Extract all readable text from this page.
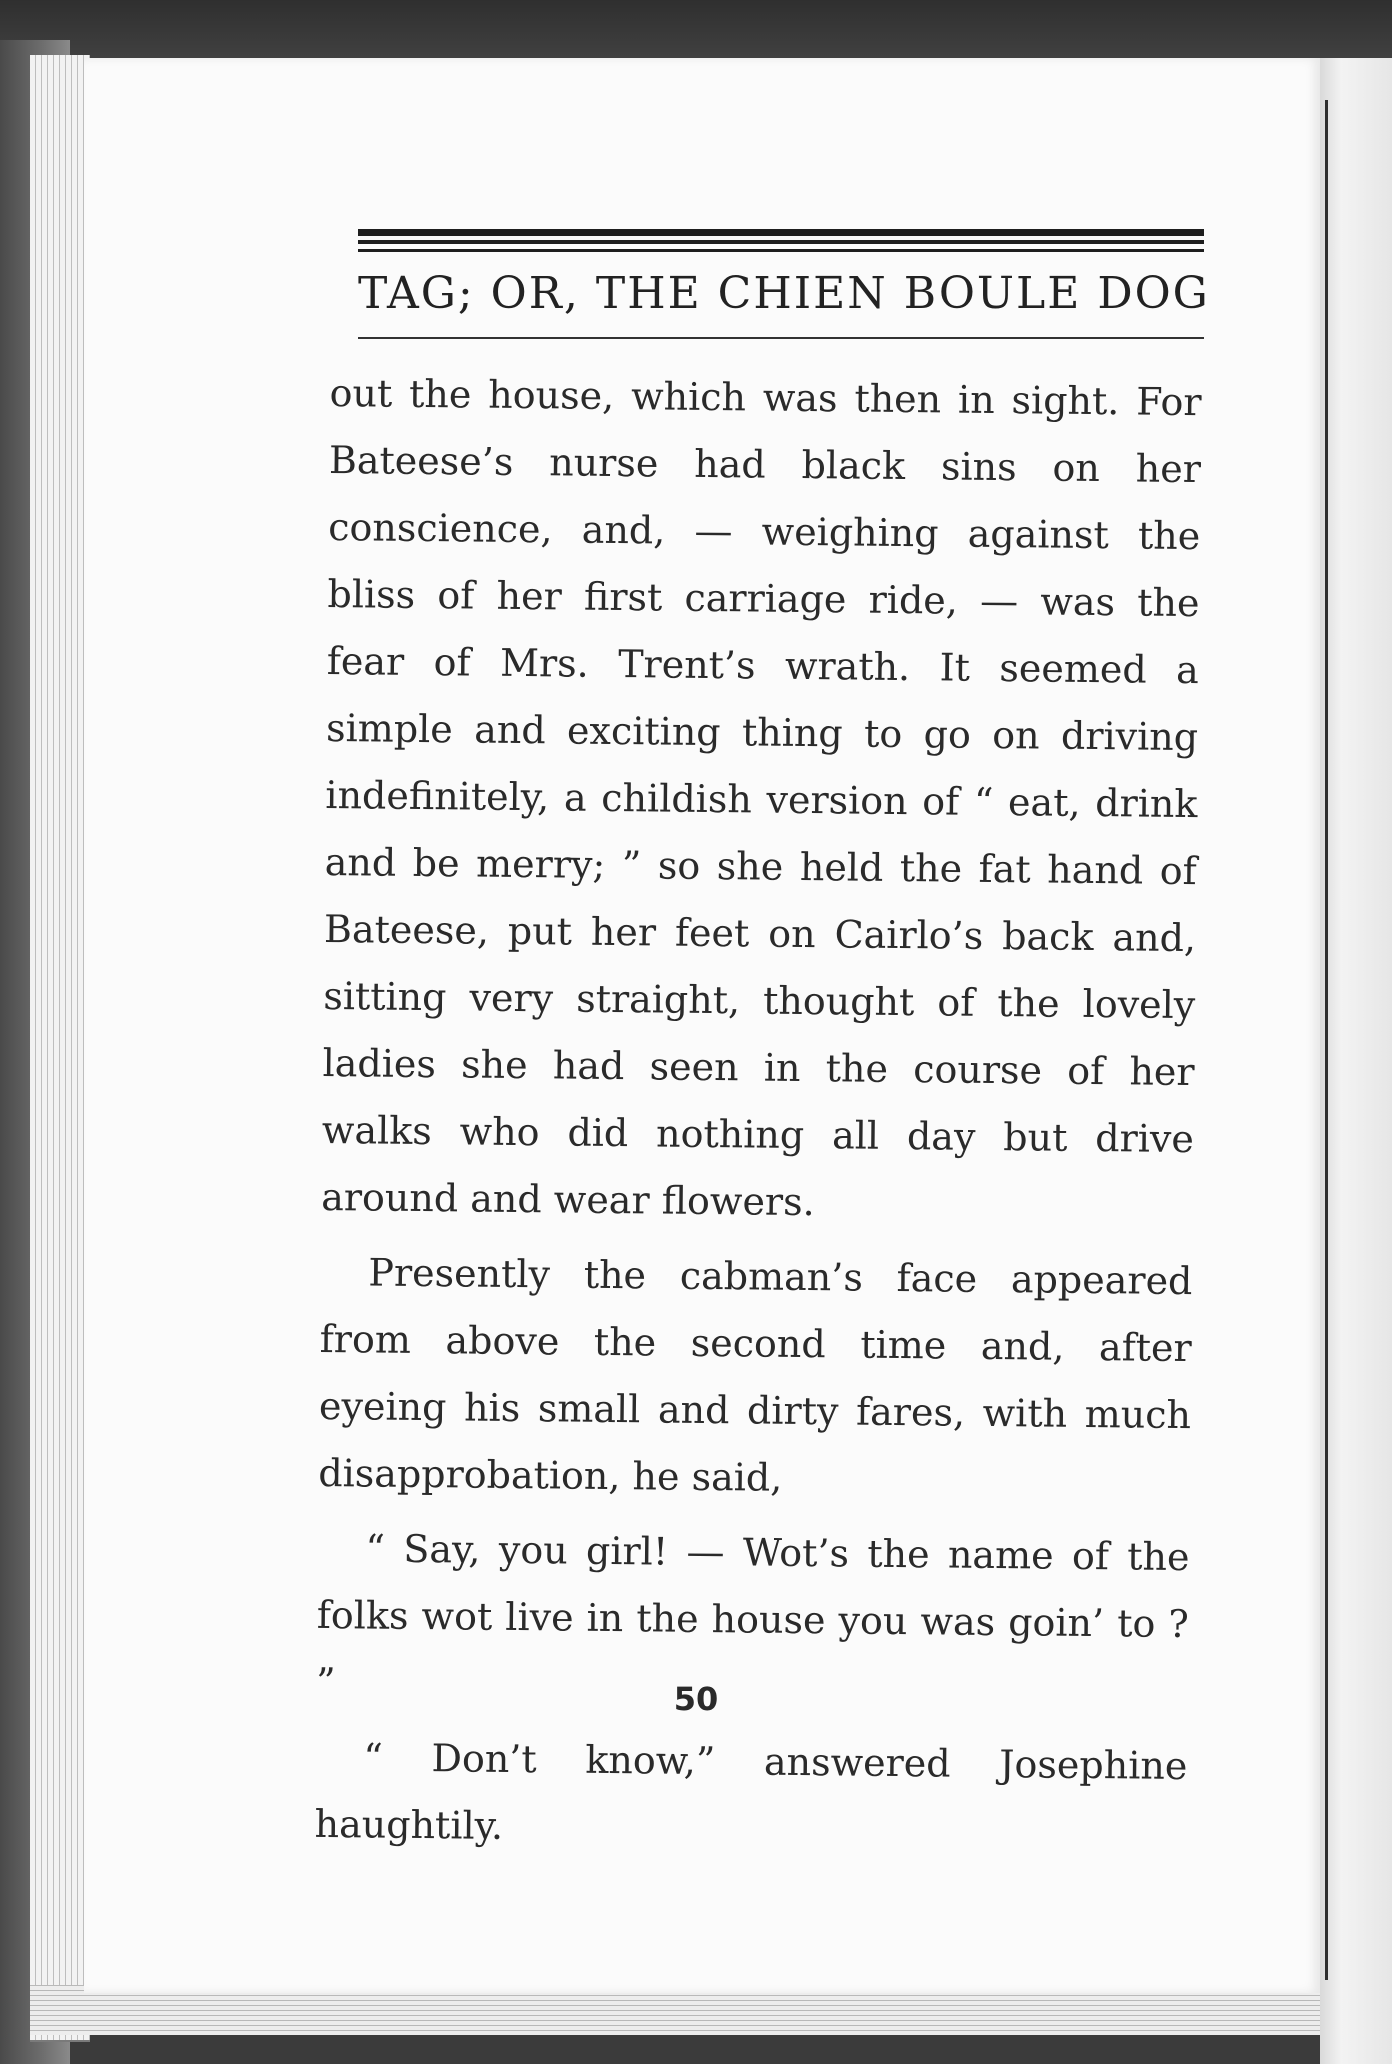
TAG; OR, THE CHIEN BOULE DOG

out the house, which was then in sight. For Bateese’s nurse had black sins on her conscience, and, — weighing against the bliss of her first carriage ride, — was the fear of Mrs. Trent’s wrath. It seemed a simple and exciting thing to go on driving indefinitely, a childish version of “ eat, drink and be merry; ” so she held the fat hand of Bateese, put her feet on Cairlo’s back and, sitting very straight, thought of the lovely ladies she had seen in the course of her walks who did nothing all day but drive around and wear flowers.

Presently the cabman’s face appeared from above the second time and, after eyeing his small and dirty fares, with much disapprobation, he said,

“ Say, you girl! — Wot’s the name of the folks wot live in the house you was goin’ to ? ”

“ Don’t know,” answered Josephine haughtily.

50
